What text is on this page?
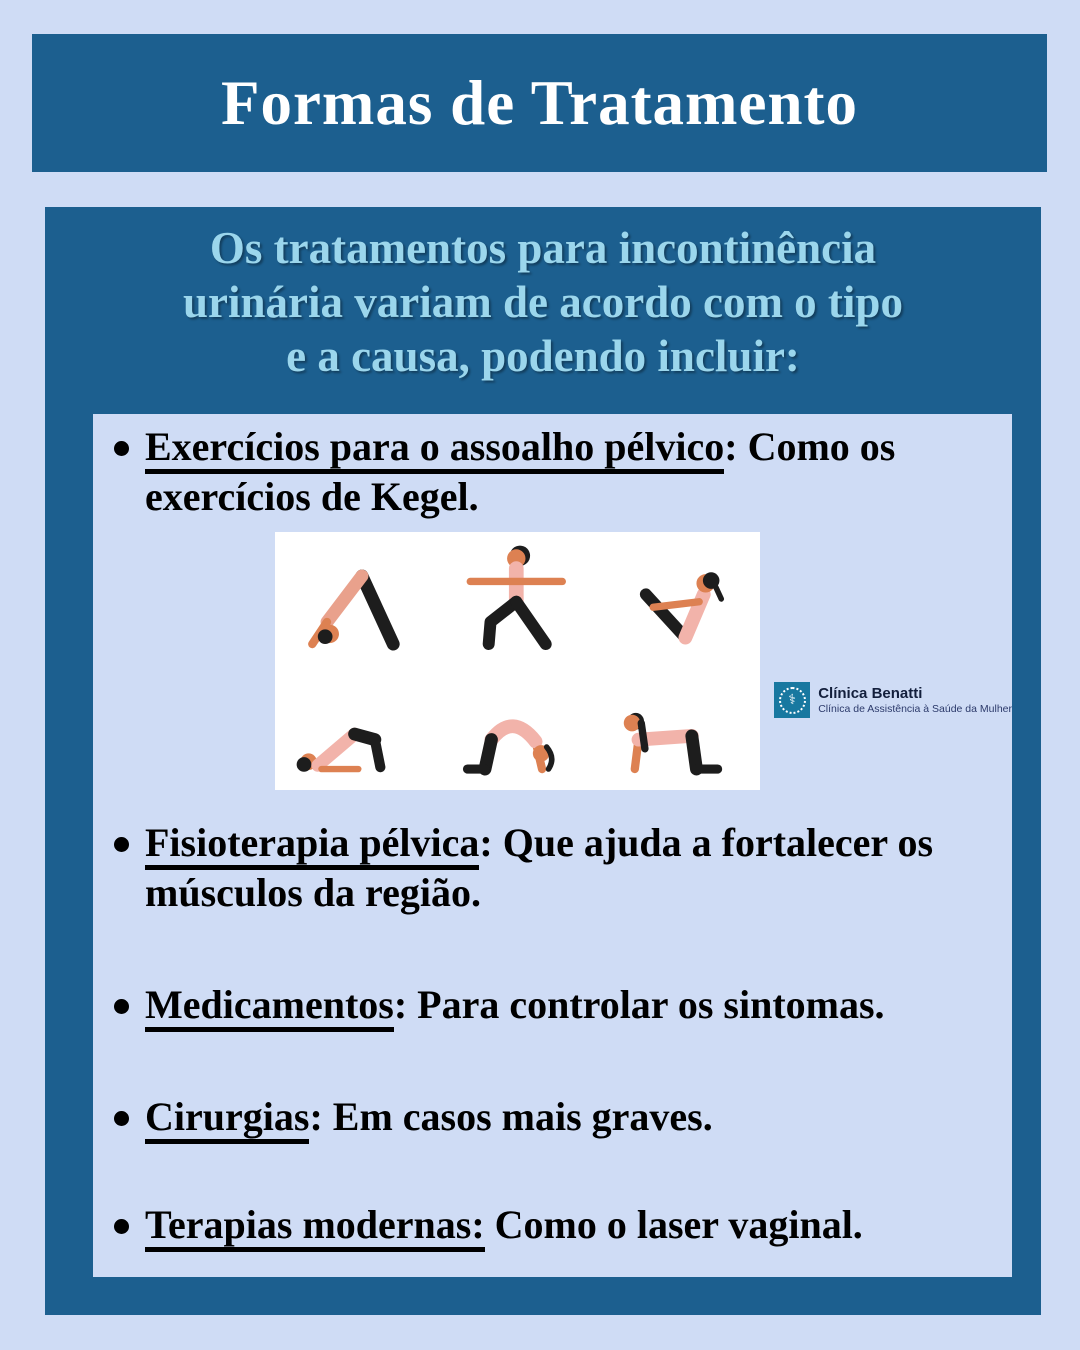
Formas de Tratamento
Os tratamentos para incontinência
urinária variam de acordo com o tipo
e a causa, podendo incluir:
Exercícios para o assoalho pélvico: Como os exercícios de Kegel.
⚕	Clínica Benatti
Clínica de Assistência à Saúde da Mulher
Fisioterapia pélvica: Que ajuda a fortalecer os músculos da região.
Medicamentos: Para controlar os sintomas.
Cirurgias: Em casos mais graves.
Terapias modernas: Como o laser vaginal.
